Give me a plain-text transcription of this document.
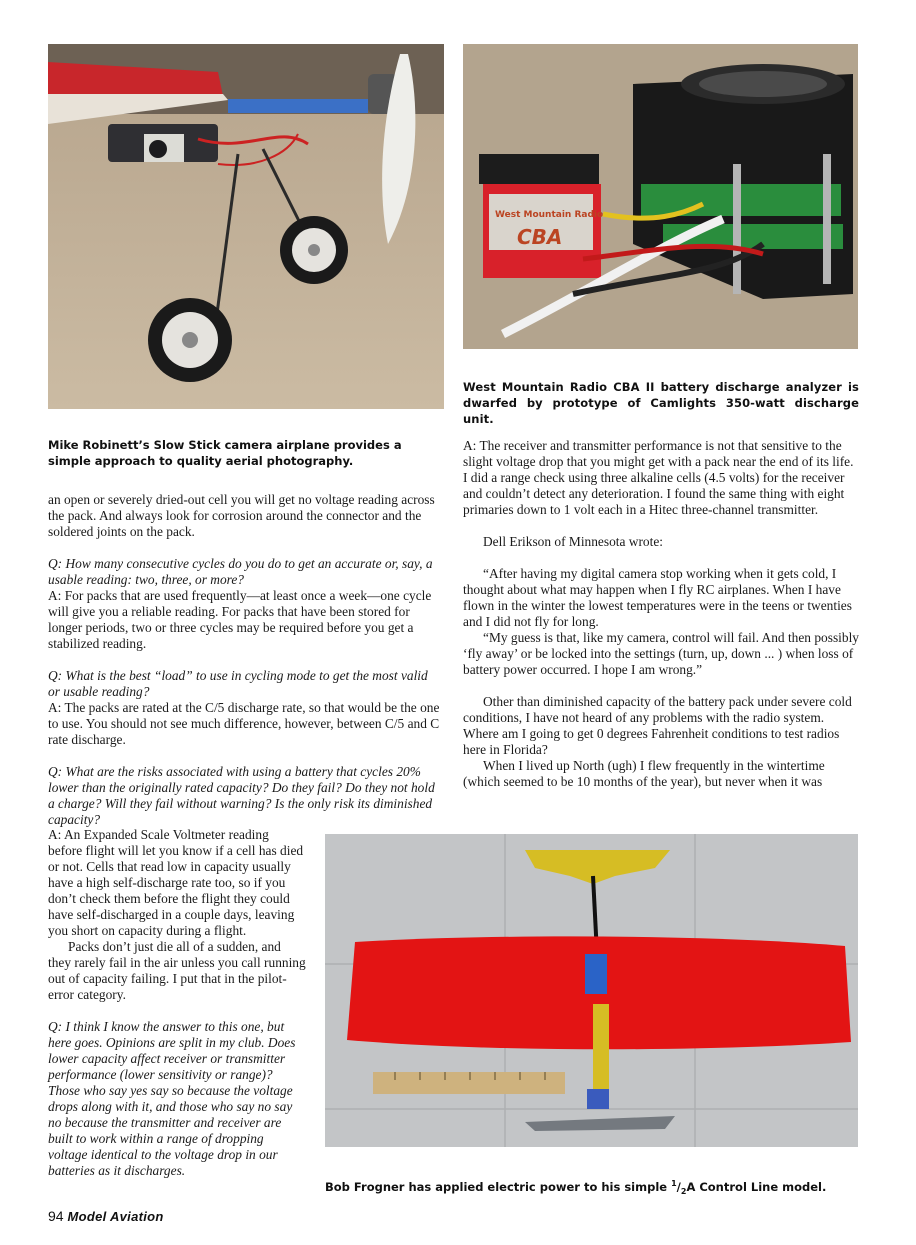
West Mountain Radio
CBA
West Mountain Radio CBA II battery discharge analyzer is dwarfed by prototype of Camlights 350-watt discharge unit.
Mike Robinett’s Slow Stick camera airplane provides a simple approach to quality aerial photography.

an open or severely dried-out cell you will get no voltage reading across the pack. And always look for corrosion around the connector and the soldered joints on the pack.

Q: How many consecutive cycles do you do to get an accurate or, say, a usable reading: two, three, or more?

A: For packs that are used frequently—at least once a week—one cycle will give you a reliable reading. For packs that have been stored for longer periods, two or three cycles may be required before you get a stabilized reading.

Q: What is the best “load” to use in cycling mode to get the most valid or usable reading?

A: The packs are rated at the C/5 discharge rate, so that would be the one to use. You should not see much difference, however, between C/5 and C rate discharge.

Q: What are the risks associated with using a battery that cycles 20% lower than the originally rated capacity? Do they fail? Do they not hold a charge? Will they fail without warning? Is the only risk its diminished capacity?

A: An Expanded Scale Voltmeter reading before flight will let you know if a cell has died or not. Cells that read low in capacity usually have a high self-discharge rate too, so if you don’t check them before the flight they could have self-discharged in a couple days, leaving you short on capacity during a flight.

Packs don’t just die all of a sudden, and they rarely fail in the air unless you call running out of capacity failing. I put that in the pilot-error category.

Q: I think I know the answer to this one, but here goes. Opinions are split in my club. Does lower capacity affect receiver or transmitter performance (lower sensitivity or range)? Those who say yes say so because the voltage drops along with it, and those who say no say no because the transmitter and receiver are built to work within a range of dropping voltage identical to the voltage drop in our batteries as it discharges.

A: The receiver and transmitter performance is not that sensitive to the slight voltage drop that you might get with a pack near the end of its life. I did a range check using three alkaline cells (4.5 volts) for the receiver and couldn’t detect any deterioration. I found the same thing with eight primaries down to 1 volt each in a Hitec three-channel transmitter.

Dell Erikson of Minnesota wrote:

“After having my digital camera stop working when it gets cold, I thought about what may happen when I fly RC airplanes. When I have flown in the winter the lowest temperatures were in the teens or twenties and I did not fly for long.

“My guess is that, like my camera, control will fail. And then possibly ‘fly away’ or be locked into the settings (turn, up, down ... ) when loss of battery power occurred. I hope I am wrong.”

Other than diminished capacity of the battery pack under severe cold conditions, I have not heard of any problems with the radio system. Where am I going to get 0 degrees Fahrenheit conditions to test radios here in Florida?

When I lived up North (ugh) I flew frequently in the wintertime (which seemed to be 10 months of the year), but never when it was

Bob Frogner has applied electric power to his simple $^1/_2A$ Control Line model.
94 Model Aviation
